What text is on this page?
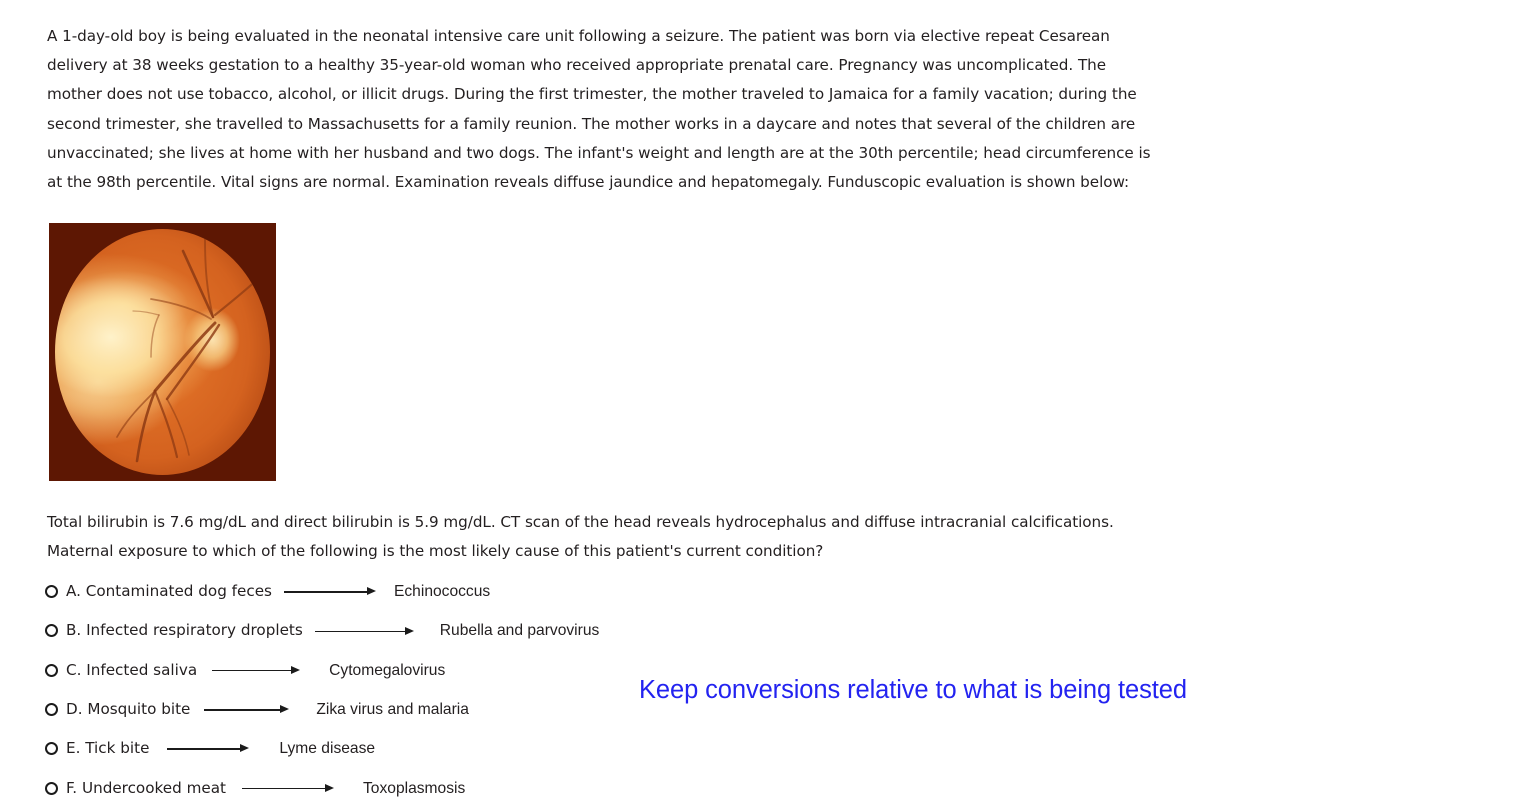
A 1-day-old boy is being evaluated in the neonatal intensive care unit following a seizure. The patient was born via elective repeat Cesarean delivery at 38 weeks gestation to a healthy 35-year-old woman who received appropriate prenatal care. Pregnancy was uncomplicated. The mother does not use tobacco, alcohol, or illicit drugs. During the first trimester, the mother traveled to Jamaica for a family vacation; during the second trimester, she travelled to Massachusetts for a family reunion. The mother works in a daycare and notes that several of the children are unvaccinated; she lives at home with her husband and two dogs. The infant's weight and length are at the 30th percentile; head circumference is at the 98th percentile. Vital signs are normal. Examination reveals diffuse jaundice and hepatomegaly. Funduscopic evaluation is shown below:
Total bilirubin is 7.6 mg/dL and direct bilirubin is 5.9 mg/dL. CT scan of the head reveals hydrocephalus and diffuse intracranial calcifications. Maternal exposure to which of the following is the most likely cause of this patient's current condition?
A. Contaminated dog feces	Echinococcus
B. Infected respiratory droplets	Rubella and parvovirus
C. Infected saliva	Cytomegalovirus
D. Mosquito bite	Zika virus and malaria
E. Tick bite	Lyme disease
F. Undercooked meat	Toxoplasmosis
Keep conversions relative to what is being tested
